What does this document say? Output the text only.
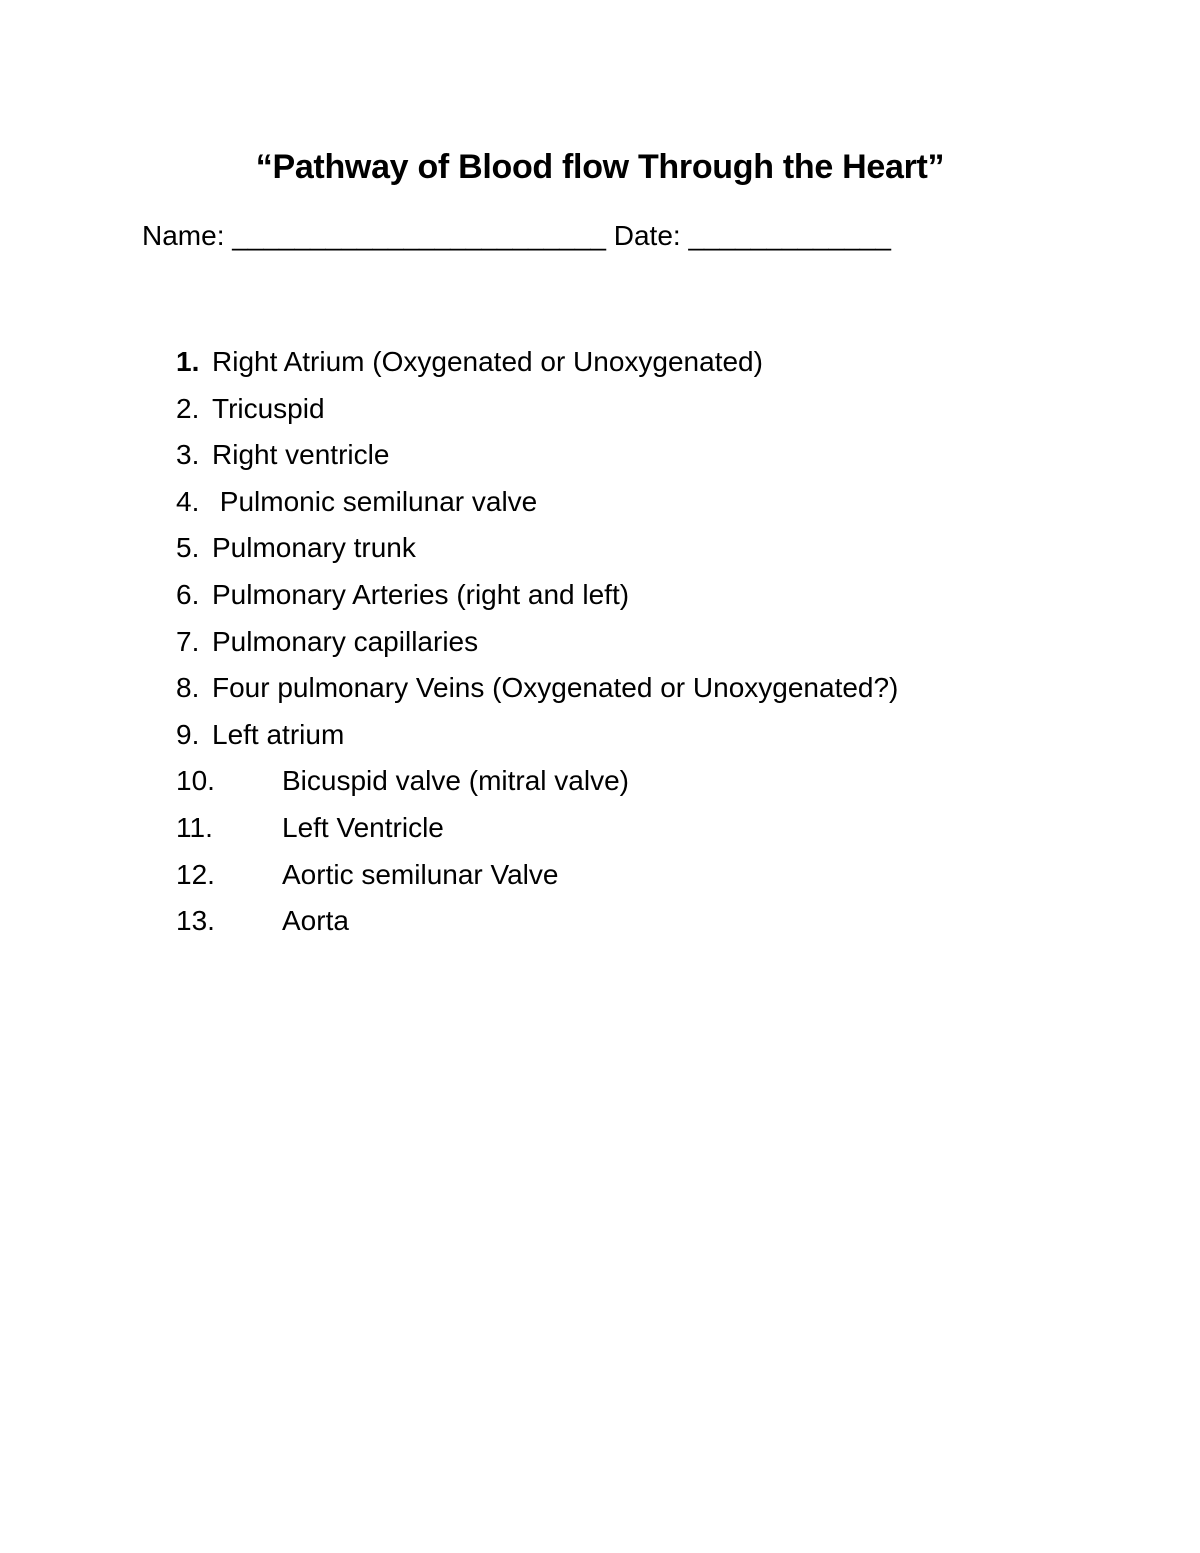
“Pathway of Blood flow Through the Heart”
Name: ________________________ Date: _____________
1. Right Atrium (Oxygenated or Unoxygenated)
2. Tricuspid
3. Right ventricle
4. Pulmonic semilunar valve
5. Pulmonary trunk
6. Pulmonary Arteries (right and left)
7. Pulmonary capillaries
8. Four pulmonary Veins (Oxygenated or Unoxygenated?)
9. Left atrium
10. Bicuspid valve (mitral valve)
11. Left Ventricle
12. Aortic semilunar Valve
13. Aorta
